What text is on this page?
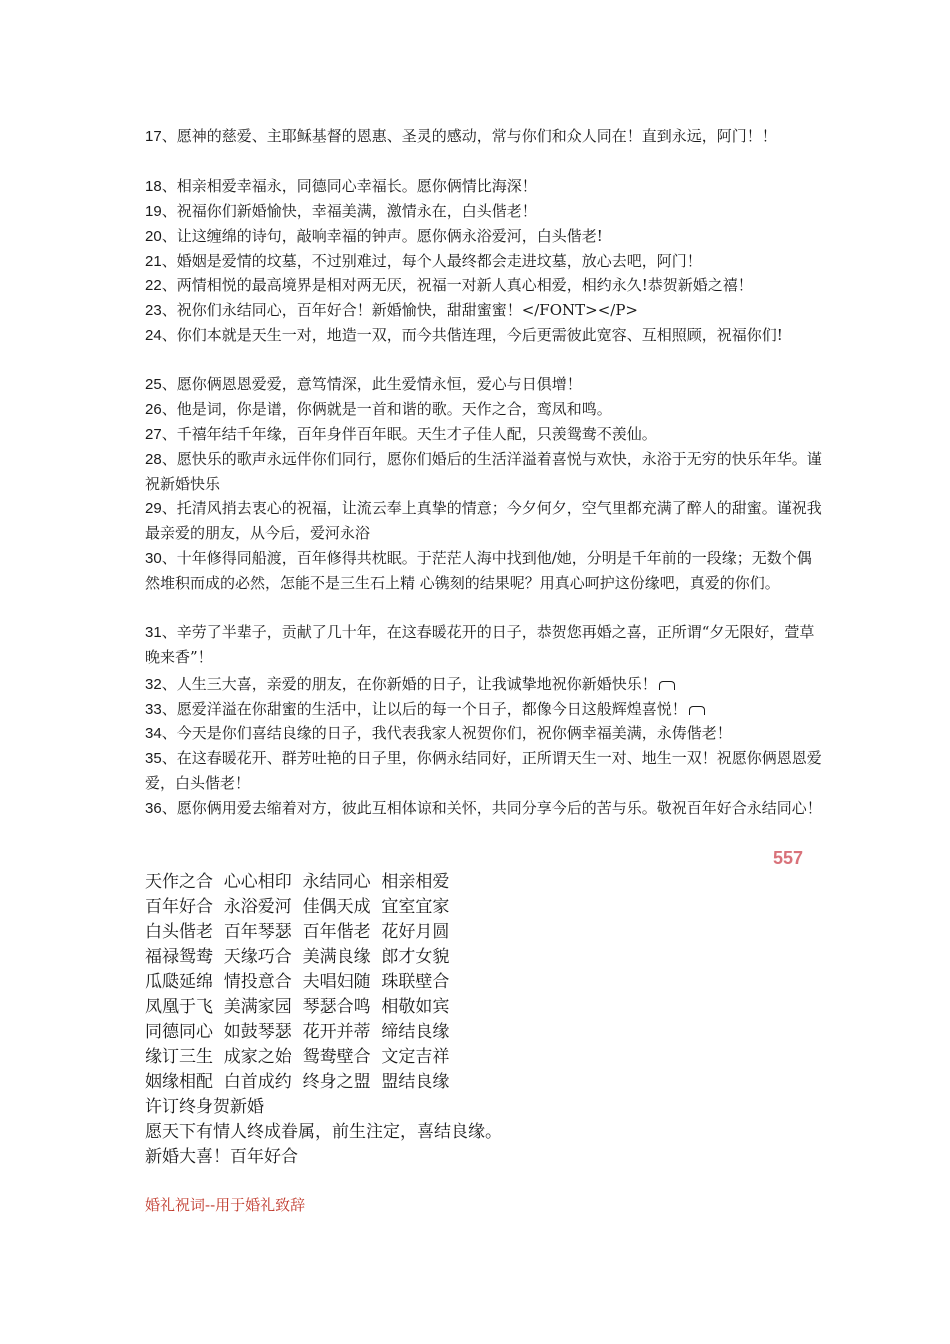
17、愿神的慈爱、主耶稣基督的恩惠、圣灵的感动，常与你们和众人同在！直到永远，阿门！！

18、相亲相爱幸福永，同德同心幸福长。愿你俩情比海深！

19、祝福你们新婚愉快，幸福美满，激情永在，白头偕老！

20、让这缠绵的诗句，敲响幸福的钟声。愿你俩永浴爱河，白头偕老!

21、婚姻是爱情的坟墓，不过别难过，每个人最终都会走进坟墓，放心去吧，阿门！

22、两情相悦的最高境界是相对两无厌，祝福一对新人真心相爱，相约永久!恭贺新婚之禧！

23、祝你们永结同心，百年好合！新婚愉快，甜甜蜜蜜！</FONT></P>

24、你们本就是天生一对，地造一双，而今共偕连理，今后更需彼此宽容、互相照顾，祝福你们!

25、愿你俩恩恩爱爱，意笃情深，此生爱情永恒，爱心与日俱增！

26、他是词，你是谱，你俩就是一首和谐的歌。天作之合，鸾凤和鸣。

27、千禧年结千年缘，百年身伴百年眠。天生才子佳人配，只羡鸳鸯不羡仙。

28、愿快乐的歌声永远伴你们同行，愿你们婚后的生活洋溢着喜悦与欢快，永浴于无穷的快乐年华。谨祝新婚快乐

29、托清风捎去衷心的祝福，让流云奉上真挚的情意；今夕何夕，空气里都充满了醉人的甜蜜。谨祝我最亲爱的朋友，从今后，爱河永浴

30、十年修得同船渡，百年修得共枕眠。于茫茫人海中找到他/她，分明是千年前的一段缘；无数个偶然堆积而成的必然，怎能不是三生石上精 心镌刻的结果呢？用真心呵护这份缘吧，真爱的你们。

31、辛劳了半辈子，贡献了几十年，在这春暖花开的日子，恭贺您再婚之喜，正所谓“夕无限好，萱草晚来香”！

32、人生三大喜，亲爱的朋友，在你新婚的日子，让我诚挚地祝你新婚快乐！

33、愿爱洋溢在你甜蜜的生活中，让以后的每一个日子，都像今日这般辉煌喜悦！

34、今天是你们喜结良缘的日子，我代表我家人祝贺你们，祝你俩幸福美满，永俦偕老！

35、在这春暖花开、群芳吐艳的日子里，你俩永结同好，正所谓天生一对、地生一双！祝愿你俩恩恩爱爱，白头偕老！

36、愿你俩用爱去缩着对方，彼此互相体谅和关怀，共同分享今后的苦与乐。敬祝百年好合永结同心！

557
天作之合  心心相印  永结同心  相亲相爱
百年好合  永浴爱河  佳偶天成  宜室宜家
白头偕老  百年琴瑟  百年偕老  花好月圆
福禄鸳鸯  天缘巧合  美满良缘  郎才女貌
瓜瓞延绵  情投意合  夫唱妇随  珠联壁合
凤凰于飞  美满家园  琴瑟合鸣  相敬如宾
同德同心  如鼓琴瑟  花开并蒂  缔结良缘
缘订三生  成家之始  鸳鸯壁合  文定吉祥
姻缘相配  白首成约  终身之盟  盟结良缘
许订终身贺新婚
愿天下有情人终成眷属，前生注定，喜结良缘。
新婚大喜！百年好合
婚礼祝词--用于婚礼致辞
